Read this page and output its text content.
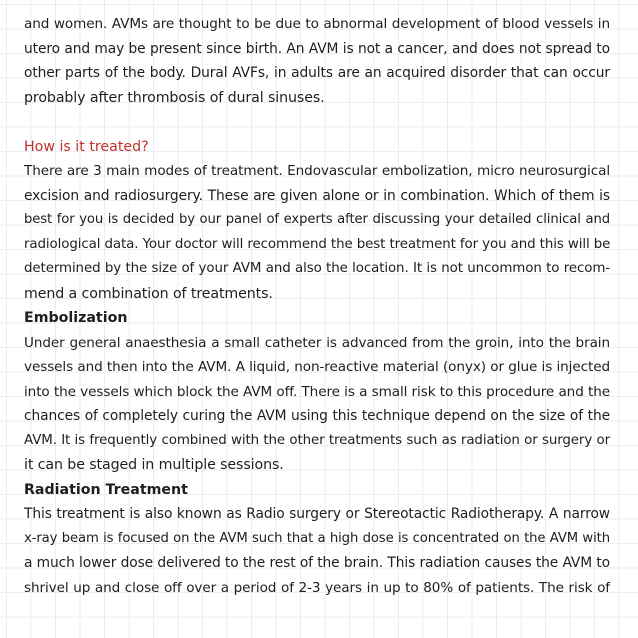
and women. AVMs are thought to be due to abnormal development of blood vessels in
utero and may be present since birth. An AVM is not a cancer, and does not spread to
other parts of the body. Dural AVFs, in adults are an acquired disorder that can occur
probably after thrombosis of dural sinuses.
How is it treated?
There are 3 main modes of treatment. Endovascular embolization, micro neurosurgical
excision and radiosurgery. These are given alone or in combination. Which of them is
best for you is decided by our panel of experts after discussing your detailed clinical and
radiological data. Your doctor will recommend the best treatment for you and this will be
determined by the size of your AVM and also the location. It is not uncommon to recom-
mend a combination of treatments.
Embolization
Under general anaesthesia a small catheter is advanced from the groin, into the brain
vessels and then into the AVM. A liquid, non-reactive material (onyx) or glue is injected
into the vessels which block the AVM off. There is a small risk to this procedure and the
chances of completely curing the AVM using this technique depend on the size of the
AVM. It is frequently combined with the other treatments such as radiation or surgery or
it can be staged in multiple sessions.
Radiation Treatment
This treatment is also known as Radio surgery or Stereotactic Radiotherapy. A narrow
x-ray beam is focused on the AVM such that a high dose is concentrated on the AVM with
a much lower dose delivered to the rest of the brain. This radiation causes the AVM to
shrivel up and close off over a period of 2-3 years in up to 80% of patients. The risk of
